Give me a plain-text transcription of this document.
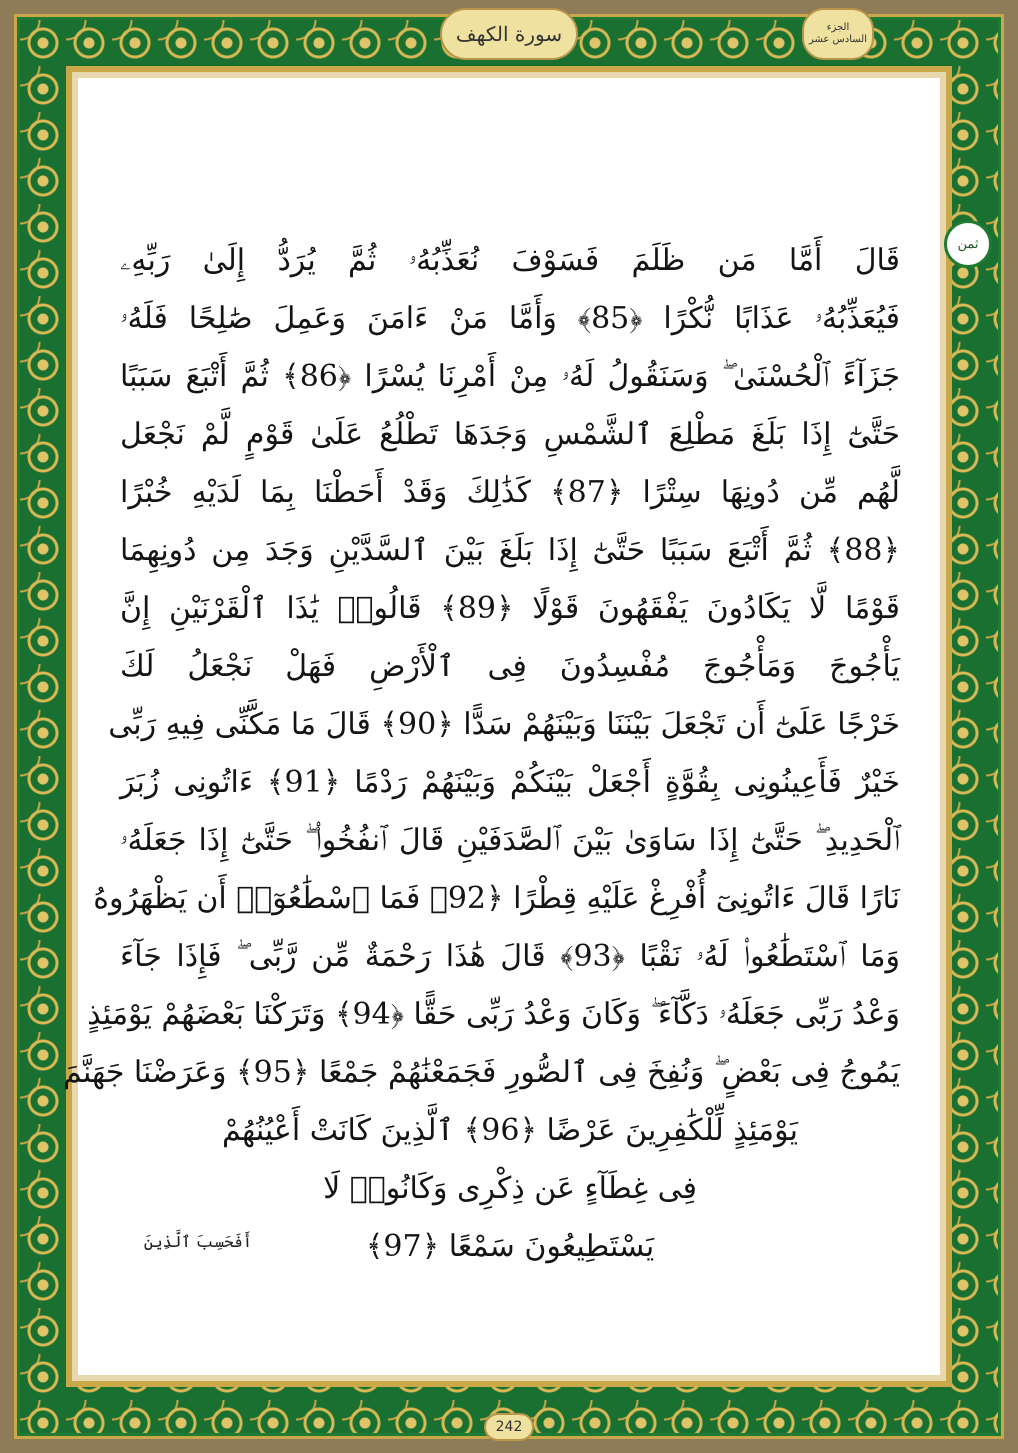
سورة الكهف	الجزء
السادس عشر
ثمن
قَالَ أَمَّا مَن ظَلَمَ فَسَوْفَ نُعَذِّبُهُۥ ثُمَّ يُرَدُّ إِلَىٰ رَبِّهِۦ
فَيُعَذِّبُهُۥ عَذَابًا نُّكْرًا ﴿85﴾ وَأَمَّا مَنْ ءَامَنَ وَعَمِلَ صَٰلِحًا فَلَهُۥ
جَزَآءً ٱلْحُسْنَىٰ ۖ وَسَنَقُولُ لَهُۥ مِنْ أَمْرِنَا يُسْرًا ﴿86﴾ ثُمَّ أَتْبَعَ سَبَبًا
حَتَّىٰٓ إِذَا بَلَغَ مَطْلِعَ ٱلشَّمْسِ وَجَدَهَا تَطْلُعُ عَلَىٰ قَوْمٍ لَّمْ نَجْعَل
لَّهُم مِّن دُونِهَا سِتْرًا ﴿87﴾ كَذَٰلِكَ وَقَدْ أَحَطْنَا بِمَا لَدَيْهِ خُبْرًا
﴿88﴾ ثُمَّ أَتْبَعَ سَبَبًا حَتَّىٰٓ إِذَا بَلَغَ بَيْنَ ٱلسَّدَّيْنِ وَجَدَ مِن دُونِهِمَا
قَوْمًا لَّا يَكَادُونَ يَفْقَهُونَ قَوْلًا ﴿89﴾ قَالُوا۟ يَٰذَا ٱلْقَرْنَيْنِ إِنَّ
يَأْجُوجَ وَمَأْجُوجَ مُفْسِدُونَ فِى ٱلْأَرْضِ فَهَلْ نَجْعَلُ لَكَ
خَرْجًا عَلَىٰٓ أَن تَجْعَلَ بَيْنَنَا وَبَيْنَهُمْ سَدًّا ﴿90﴾ قَالَ مَا مَكَّنِّى فِيهِ رَبِّى
خَيْرٌ فَأَعِينُونِى بِقُوَّةٍ أَجْعَلْ بَيْنَكُمْ وَبَيْنَهُمْ رَدْمًا ﴿91﴾ ءَاتُونِى زُبَرَ
ٱلْحَدِيدِ ۖ حَتَّىٰٓ إِذَا سَاوَىٰ بَيْنَ ٱلصَّدَفَيْنِ قَالَ ٱنفُخُوا۟ ۖ حَتَّىٰٓ إِذَا جَعَلَهُۥ
نَارًا قَالَ ءَاتُونِىٓ أُفْرِغْ عَلَيْهِ قِطْرًا ﴿92﴾ فَمَا ٱسْطَٰعُوٓا۟ أَن يَظْهَرُوهُ
وَمَا ٱسْتَطَٰعُوا۟ لَهُۥ نَقْبًا ﴿93﴾ قَالَ هَٰذَا رَحْمَةٌ مِّن رَّبِّى ۖ فَإِذَا جَآءَ
وَعْدُ رَبِّى جَعَلَهُۥ دَكَّآءَ ۖ وَكَانَ وَعْدُ رَبِّى حَقًّا ﴿94﴾ وَتَرَكْنَا بَعْضَهُمْ يَوْمَئِذٍ
يَمُوجُ فِى بَعْضٍ ۖ وَنُفِخَ فِى ٱلصُّورِ فَجَمَعْنَٰهُمْ جَمْعًا ﴿95﴾ وَعَرَضْنَا جَهَنَّمَ
يَوْمَئِذٍ لِّلْكَٰفِرِينَ عَرْضًا ﴿96﴾ ٱلَّذِينَ كَانَتْ أَعْيُنُهُمْ
فِى غِطَآءٍ عَن ذِكْرِى وَكَانُوا۟ لَا
يَسْتَطِيعُونَ سَمْعًا ﴿97﴾
أَفَحَسِبَ ٱلَّذِينَ
242
